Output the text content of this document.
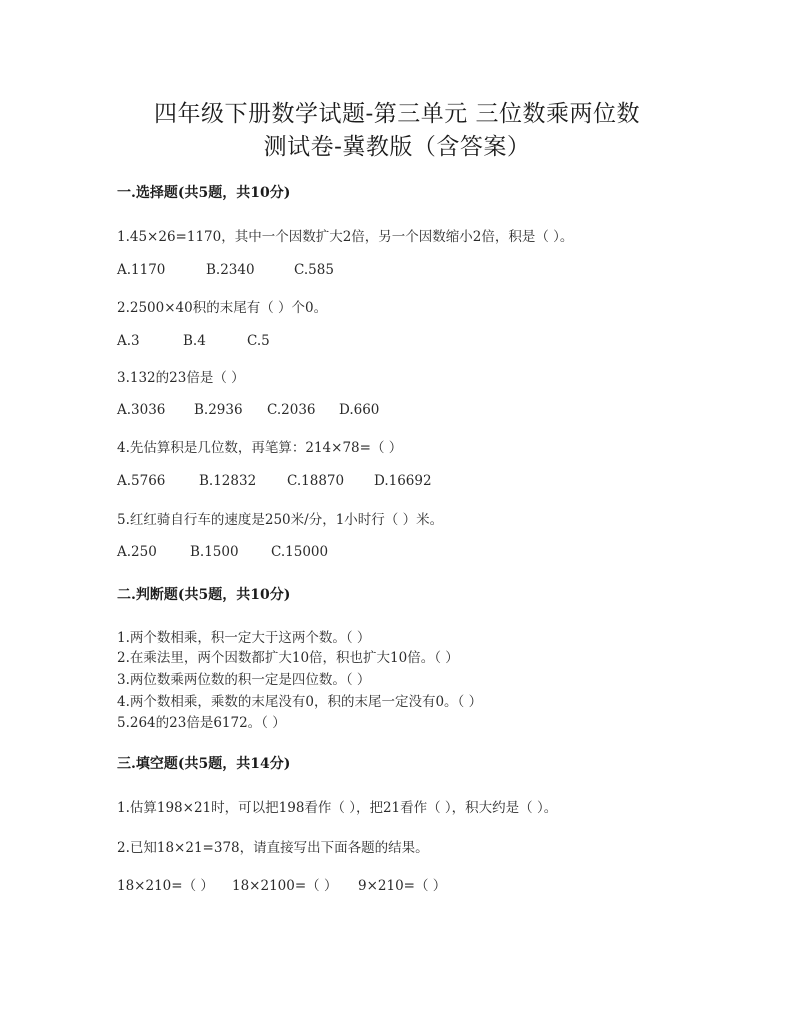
四年级下册数学试题-第三单元 三位数乘两位数
测试卷-冀教版（含答案）
一.选择题(共5题，共10分)
1.45×26=1170，其中一个因数扩大2倍，另一个因数缩小2倍，积是（ ）。
A.1170	B.2340	C.585
2.2500×40积的末尾有（ ）个0。
A.3	B.4	C.5
3.132的23倍是（ ）
A.3036 B.2936 C.2036 D.660
4.先估算积是几位数，再笔算：214×78=（ ）
A.5766 B.12832 C.18870 D.16692
5.红红骑自行车的速度是250米/分，1小时行（ ）米。
A.250 B.1500 C.15000
二.判断题(共5题，共10分)
1.两个数相乘，积一定大于这两个数。（ ）
2.在乘法里，两个因数都扩大10倍，积也扩大10倍。（ ）
3.两位数乘两位数的积一定是四位数。（ ）
4.两个数相乘，乘数的末尾没有0，积的末尾一定没有0。（ ）
5.264的23倍是6172。（ ）
三.填空题(共5题，共14分)
1.估算198×21时，可以把198看作（ ），把21看作（ ），积大约是（ ）。
2.已知18×21=378，请直接写出下面各题的结果。
18×210=（ ） 18×2100=（ ） 9×210=（ ）
